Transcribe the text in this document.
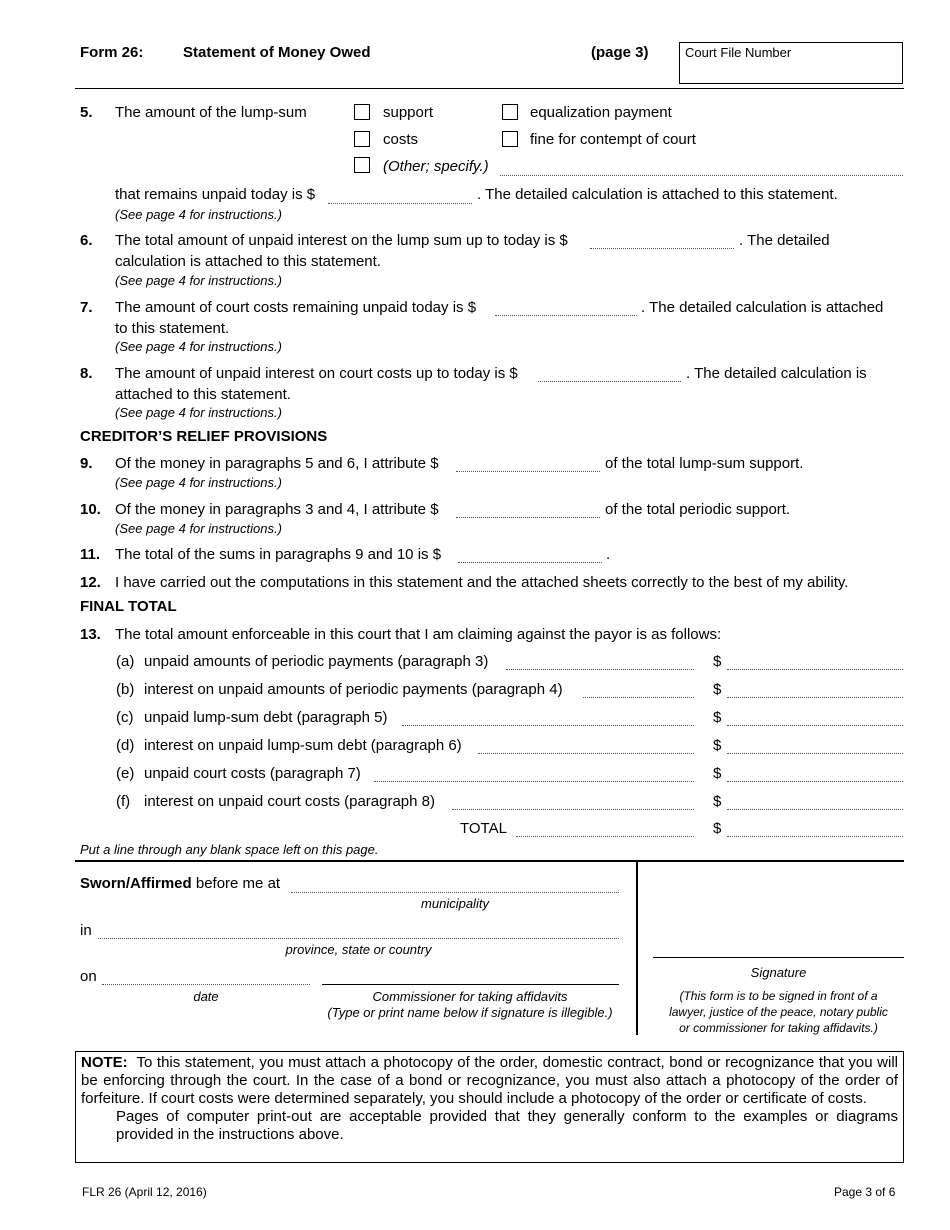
Form 26:	Statement of Money Owed	(page 3)	Court File Number
5. The amount of the lump-sum	support	equalization payment
costs	fine for contempt of court
(Other; specify.)
that remains unpaid today is $	. The detailed calculation is attached to this statement.
(See page 4 for instructions.)
6. The total amount of unpaid interest on the lump sum up to today is $	. The detailed
calculation is attached to this statement.
(See page 4 for instructions.)
7. The amount of court costs remaining unpaid today is $	. The detailed calculation is attached
to this statement.
(See page 4 for instructions.)
8. The amount of unpaid interest on court costs up to today is $	. The detailed calculation is
attached to this statement.
(See page 4 for instructions.)
CREDITOR’S RELIEF PROVISIONS
9. Of the money in paragraphs 5 and 6, I attribute $	of the total lump-sum support.
(See page 4 for instructions.)
10. Of the money in paragraphs 3 and 4, I attribute $	of the total periodic support.
(See page 4 for instructions.)
11. The total of the sums in paragraphs 9 and 10 is $	.
12. I have carried out the computations in this statement and the attached sheets correctly to the best of my ability.
FINAL TOTAL
13. The total amount enforceable in this court that I am claiming against the payor is as follows:
(a) unpaid amounts of periodic payments (paragraph 3)	$
(b) interest on unpaid amounts of periodic payments (paragraph 4)	$
(c) unpaid lump-sum debt (paragraph 5)	$
(d) interest on unpaid lump-sum debt (paragraph 6)	$
(e) unpaid court costs (paragraph 7)	$
(f) interest on unpaid court costs (paragraph 8)	$
TOTAL	$
Put a line through any blank space left on this page.
Sworn/Affirmed before me at
municipality
in
province, state or country
on
date	Commissioner for taking affidavits
(Type or print name below if signature is illegible.)
Signature
(This form is to be signed in front of a
lawyer, justice of the peace, notary public
or commissioner for taking affidavits.)

NOTE: To this statement, you must attach a photocopy of the order, domestic contract, bond or recognizance that you will be enforcing through the court. In the case of a bond or recognizance, you must also attach a photocopy of the order of forfeiture. If court costs were determined separately, you should include a photocopy of the order or certificate of costs.

Pages of computer print-out are acceptable provided that they generally conform to the examples or diagrams provided in the instructions above.

FLR 26 (April 12, 2016)	Page 3 of 6
